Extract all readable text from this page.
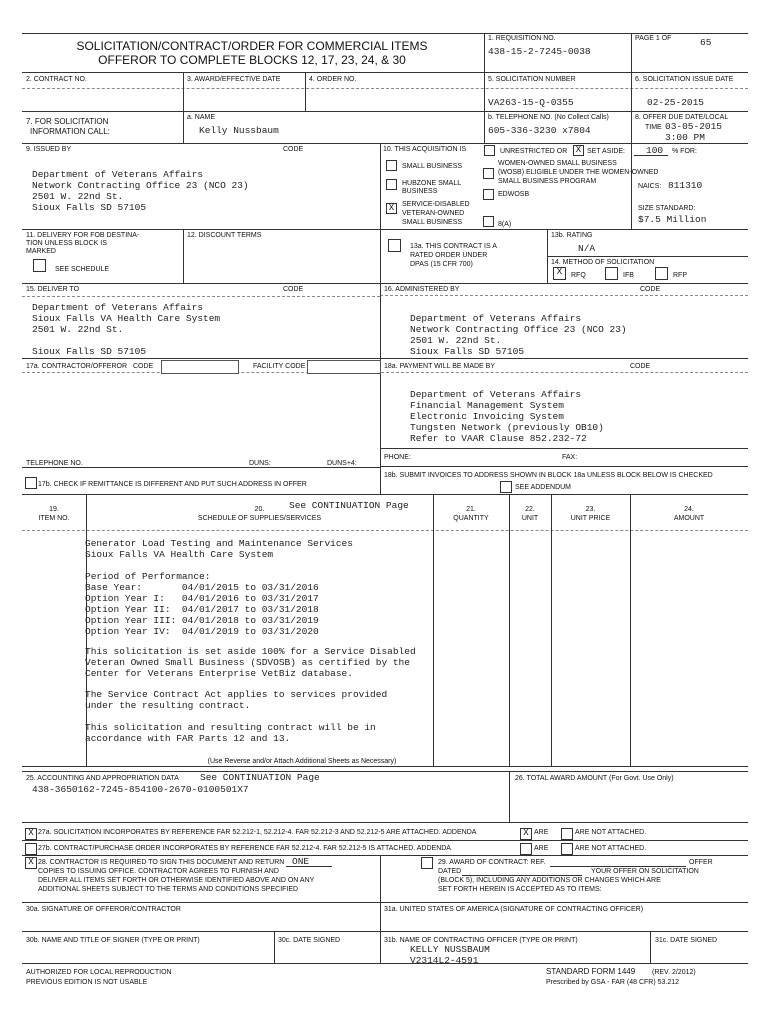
SOLICITATION/CONTRACT/ORDER FOR COMMERCIAL ITEMS
OFFEROR TO COMPLETE BLOCKS 12, 17, 23, 24, & 30
1. REQUISITION NO.
438-15-2-7245-0038
PAGE 1 OF	65
2. CONTRACT NO.	3. AWARD/EFFECTIVE DATE	4. ORDER NO.	5. SOLICITATION NUMBER
VA263-15-Q-0355
6. SOLICITATION ISSUE DATE
02-25-2015
7. FOR SOLICITATION
INFORMATION CALL:
a. NAME
Kelly Nussbaum
b. TELEPHONE NO. (No Collect Calls)
605-336-3230 x7804
8. OFFER DUE DATE/LOCAL
TIME 03-05-2015
3:00 PM
9. ISSUED BY	CODE
Department of Veterans Affairs
Network Contracting Office 23 (NCO 23)
2501 W. 22nd St.
Sioux Falls SD 57105
10. THIS ACQUISITION IS	UNRESTRICTED OR X SET ASIDE: 100 % FOR:
SMALL BUSINESS
HUBZONE SMALL
BUSINESS
X	SERVICE-DISABLED
VETERAN-OWNED
SMALL BUSINESS
WOMEN-OWNED SMALL BUSINESS
(WOSB) ELIGIBLE UNDER THE WOMEN-OWNED
SMALL BUSINESS PROGRAM
EDWOSB
8(A)
NAICS: 811310
SIZE STANDARD:
$7.5 Million
11. DELIVERY FOR FOB DESTINA-
TION UNLESS BLOCK IS
MARKED
SEE SCHEDULE
12. DISCOUNT TERMS
13a. THIS CONTRACT IS A
RATED ORDER UNDER
DPAS (15 CFR 700)
13b. RATING
N/A
14. METHOD OF SOLICITATION
X	RFQ	IFB	RFP
15. DELIVER TO	CODE
Department of Veterans Affairs
Sioux Falls VA Health Care System
2501 W. 22nd St.
Sioux Falls SD 57105
16. ADMINISTERED BY	CODE
Department of Veterans Affairs
Network Contracting Office 23 (NCO 23)
2501 W. 22nd St.
Sioux Falls SD 57105
17a. CONTRACTOR/OFFEROR CODE	FACILITY CODE
TELEPHONE NO.	DUNS:	DUNS+4:
17b. CHECK IF REMITTANCE IS DIFFERENT AND PUT SUCH ADDRESS IN OFFER
18a. PAYMENT WILL BE MADE BY	CODE
Department of Veterans Affairs
Financial Management System
Electronic Invoicing System
Tungsten Network (previously OB10)
Refer to VAAR Clause 852.232-72
PHONE:	FAX:
18b. SUBMIT INVOICES TO ADDRESS SHOWN IN BLOCK 18a UNLESS BLOCK BELOW IS CHECKED
SEE ADDENDUM
19.
ITEM NO.
See CONTINUATION Page
20.
SCHEDULE OF SUPPLIES/SERVICES
21.
QUANTITY
22.
UNIT
23.
UNIT PRICE
24.
AMOUNT
Generator Load Testing and Maintenance Services
Sioux Falls VA Health Care System
Period of Performance:
Base Year:       04/01/2015 to 03/31/2016
Option Year I:   04/01/2016 to 03/31/2017
Option Year II:  04/01/2017 to 03/31/2018
Option Year III: 04/01/2018 to 03/31/2019
Option Year IV:  04/01/2019 to 03/31/2020
This solicitation is set aside 100% for a Service Disabled
Veteran Owned Small Business (SDVOSB) as certified by the
Center for Veterans Enterprise VetBiz database.
The Service Contract Act applies to services provided
under the resulting contract.
This solicitation and resulting contract will be in
accordance with FAR Parts 12 and 13.
(Use Reverse and/or Attach Additional Sheets as Necessary)
25. ACCOUNTING AND APPROPRIATION DATA See CONTINUATION Page
438-3650162-7245-854100-2670-0100501X7
26. TOTAL AWARD AMOUNT (For Govt. Use Only)
X 27a. SOLICITATION INCORPORATES BY REFERENCE FAR 52.212-1, 52.212-4. FAR 52.212-3 AND 52.212-5 ARE ATTACHED. ADDENDA	X ARE	ARE NOT ATTACHED.
27b. CONTRACT/PURCHASE ORDER INCORPORATES BY REFERENCE FAR 52.212-4. FAR 52.212-5 IS ATTACHED. ADDENDA	ARE	ARE NOT ATTACHED.
X 28. CONTRACTOR IS REQUIRED TO SIGN THIS DOCUMENT AND RETURN ONE
COPIES TO ISSUING OFFICE. CONTRACTOR AGREES TO FURNISH AND
DELIVER ALL ITEMS SET FORTH OR OTHERWISE IDENTIFIED ABOVE AND ON ANY
ADDITIONAL SHEETS SUBJECT TO THE TERMS AND CONDITIONS SPECIFIED
29. AWARD OF CONTRACT: REF.	OFFER
DATED	YOUR OFFER ON SOLICITATION
(BLOCK 5), INCLUDING ANY ADDITIONS OR CHANGES WHICH ARE
SET FORTH HEREIN IS ACCEPTED AS TO ITEMS:
30a. SIGNATURE OF OFFEROR/CONTRACTOR	31a. UNITED STATES OF AMERICA (SIGNATURE OF CONTRACTING OFFICER)
30b. NAME AND TITLE OF SIGNER (TYPE OR PRINT)	30c. DATE SIGNED	31b. NAME OF CONTRACTING OFFICER (TYPE OR PRINT)
KELLY NUSSBAUM
V2314L2-4591
31c. DATE SIGNED
AUTHORIZED FOR LOCAL REPRODUCTION
PREVIOUS EDITION IS NOT USABLE
STANDARD FORM 1449 (REV. 2/2012)
Prescribed by GSA - FAR (48 CFR) 53.212
